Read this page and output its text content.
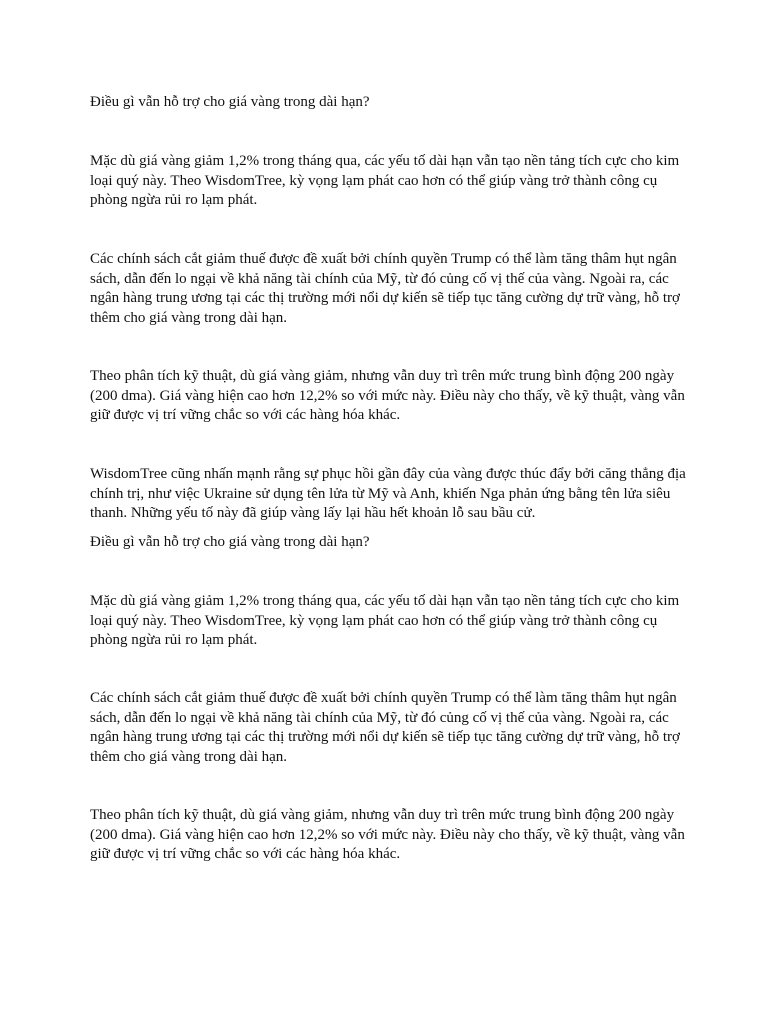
Điều gì vẫn hỗ trợ cho giá vàng trong dài hạn?

Mặc dù giá vàng giảm 1,2% trong tháng qua, các yếu tố dài hạn vẫn tạo nền tảng tích cực cho kim loại quý này. Theo WisdomTree, kỳ vọng lạm phát cao hơn có thể giúp vàng trở thành công cụ phòng ngừa rủi ro lạm phát.

Các chính sách cắt giảm thuế được đề xuất bởi chính quyền Trump có thể làm tăng thâm hụt ngân sách, dẫn đến lo ngại về khả năng tài chính của Mỹ, từ đó củng cố vị thế của vàng. Ngoài ra, các ngân hàng trung ương tại các thị trường mới nổi dự kiến sẽ tiếp tục tăng cường dự trữ vàng, hỗ trợ thêm cho giá vàng trong dài hạn.

Theo phân tích kỹ thuật, dù giá vàng giảm, nhưng vẫn duy trì trên mức trung bình động 200 ngày (200 dma). Giá vàng hiện cao hơn 12,2% so với mức này. Điều này cho thấy, về kỹ thuật, vàng vẫn giữ được vị trí vững chắc so với các hàng hóa khác.

WisdomTree cũng nhấn mạnh rằng sự phục hồi gần đây của vàng được thúc đẩy bởi căng thẳng địa chính trị, như việc Ukraine sử dụng tên lửa từ Mỹ và Anh, khiến Nga phản ứng bằng tên lửa siêu thanh. Những yếu tố này đã giúp vàng lấy lại hầu hết khoản lỗ sau bầu cử.

Điều gì vẫn hỗ trợ cho giá vàng trong dài hạn?

Mặc dù giá vàng giảm 1,2% trong tháng qua, các yếu tố dài hạn vẫn tạo nền tảng tích cực cho kim loại quý này. Theo WisdomTree, kỳ vọng lạm phát cao hơn có thể giúp vàng trở thành công cụ phòng ngừa rủi ro lạm phát.

Các chính sách cắt giảm thuế được đề xuất bởi chính quyền Trump có thể làm tăng thâm hụt ngân sách, dẫn đến lo ngại về khả năng tài chính của Mỹ, từ đó củng cố vị thế của vàng. Ngoài ra, các ngân hàng trung ương tại các thị trường mới nổi dự kiến sẽ tiếp tục tăng cường dự trữ vàng, hỗ trợ thêm cho giá vàng trong dài hạn.

Theo phân tích kỹ thuật, dù giá vàng giảm, nhưng vẫn duy trì trên mức trung bình động 200 ngày (200 dma). Giá vàng hiện cao hơn 12,2% so với mức này. Điều này cho thấy, về kỹ thuật, vàng vẫn giữ được vị trí vững chắc so với các hàng hóa khác.
